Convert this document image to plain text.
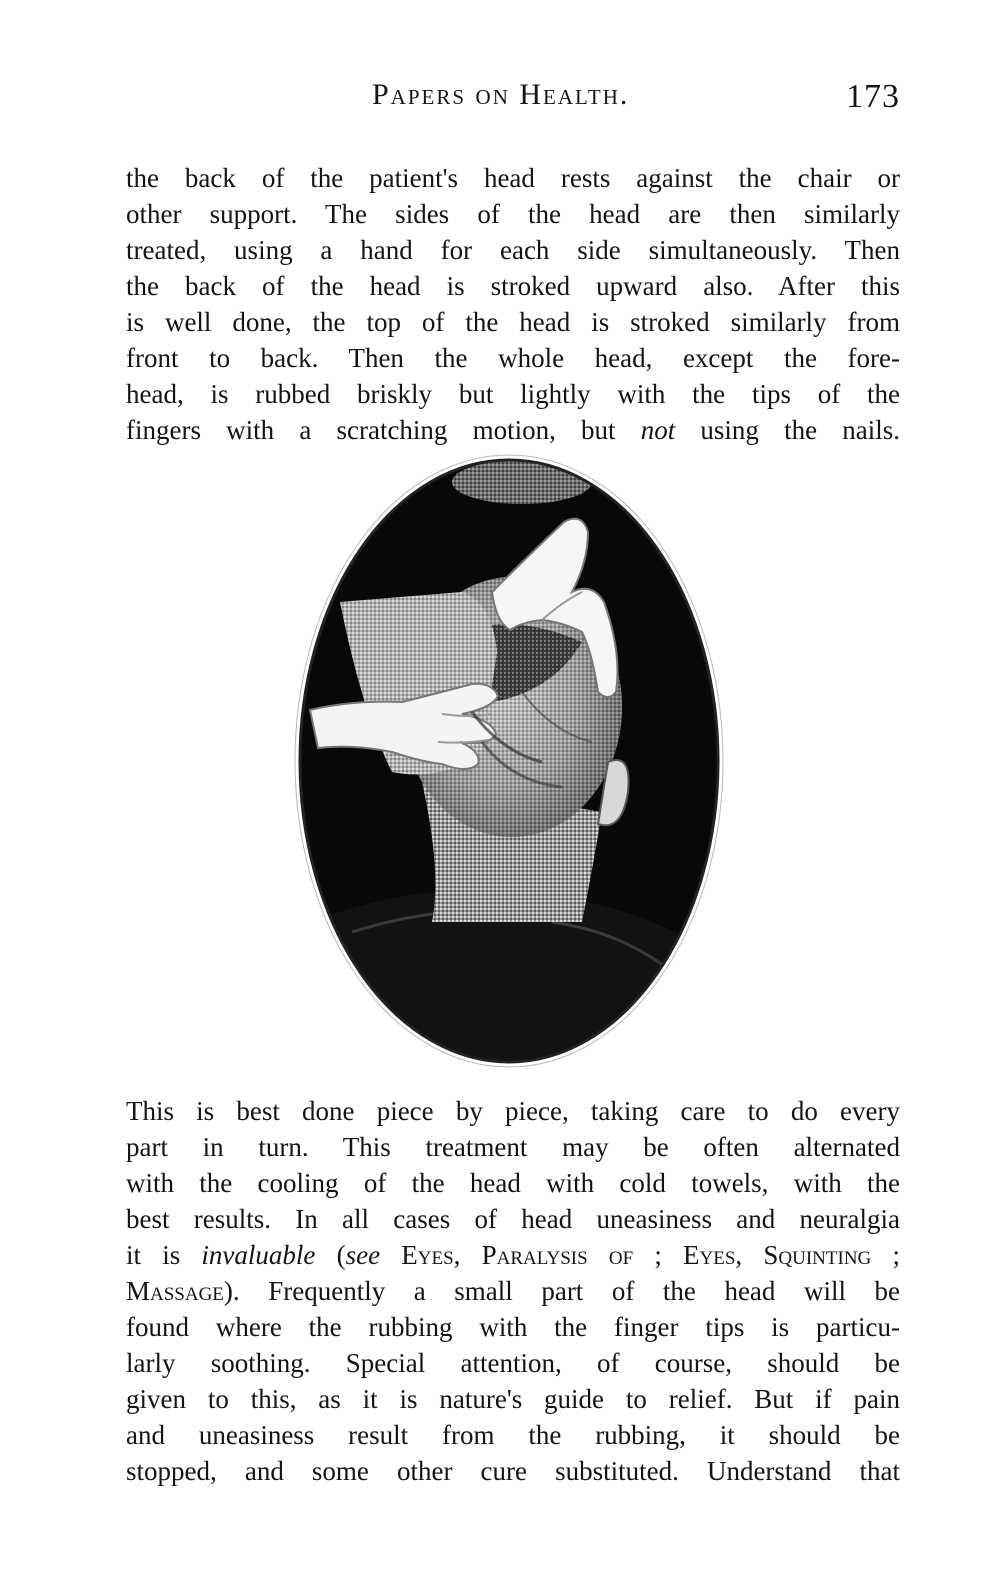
Papers on Health.	173
the back of the patient's head rests against the chair or
other support. The sides of the head are then similarly
treated, using a hand for each side simultaneously. Then
the back of the head is stroked upward also. After this
is well done, the top of the head is stroked similarly from
front to back. Then the whole head, except the fore-
head, is rubbed briskly but lightly with the tips of the
fingers with a scratching motion, but not using the nails.
This is best done piece by piece, taking care to do every
part in turn. This treatment may be often alternated
with the cooling of the head with cold towels, with the
best results. In all cases of head uneasiness and neuralgia
it is invaluable (see Eyes, Paralysis of ; Eyes, Squinting ;
Massage). Frequently a small part of the head will be
found where the rubbing with the finger tips is particu-
larly soothing. Special attention, of course, should be
given to this, as it is nature's guide to relief. But if pain
and uneasiness result from the rubbing, it should be
stopped, and some other cure substituted. Understand that
